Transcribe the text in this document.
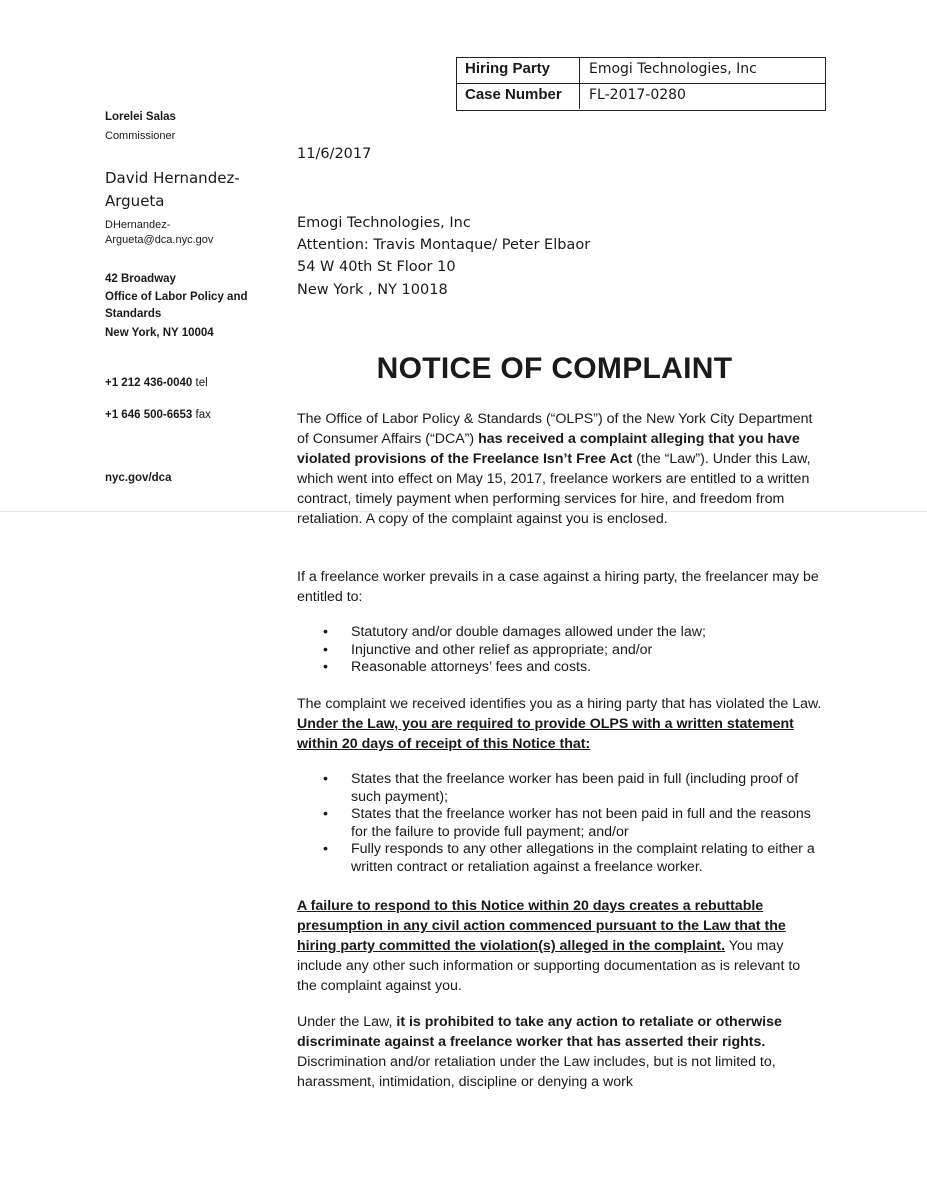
Hiring Party	Emogi Technologies, Inc
Case Number FL-2017-0280
Lorelei Salas
Commissioner
David Hernandez-
Argueta
DHernandez-
Argueta@dca.nyc.gov
42 Broadway
Office of Labor Policy and
Standards
New York, NY 10004
+1 212 436-0040 tel
+1 646 500-6653 fax
nyc.gov/dca
11/6/2017
Emogi Technologies, Inc
Attention: Travis Montaque/ Peter Elbaor
54 W 40th St Floor 10
New York , NY 10018
NOTICE OF COMPLAINT
The Office of Labor Policy & Standards (“OLPS”) of the New York City Department of Consumer Affairs (“DCA”) has received a complaint alleging that you have violated provisions of the Freelance Isn’t Free Act (the “Law”). Under this Law, which went into effect on May 15, 2017, freelance workers are entitled to a written contract, timely payment when performing services for hire, and freedom from retaliation. A copy of the complaint against you is enclosed.
If a freelance worker prevails in a case against a hiring party, the freelancer may be entitled to:
• Statutory and/or double damages allowed under the law;
• Injunctive and other relief as appropriate; and/or
• Reasonable attorneys’ fees and costs.
The complaint we received identifies you as a hiring party that has violated the Law. Under the Law, you are required to provide OLPS with a written statement within 20 days of receipt of this Notice that:
• States that the freelance worker has been paid in full (including proof of such payment);
• States that the freelance worker has not been paid in full and the reasons for the failure to provide full payment; and/or
• Fully responds to any other allegations in the complaint relating to either a written contract or retaliation against a freelance worker.
A failure to respond to this Notice within 20 days creates a rebuttable presumption in any civil action commenced pursuant to the Law that the hiring party committed the violation(s) alleged in the complaint. You may include any other such information or supporting documentation as is relevant to the complaint against you.
Under the Law, it is prohibited to take any action to retaliate or otherwise discriminate against a freelance worker that has asserted their rights. Discrimination and/or retaliation under the Law includes, but is not limited to, harassment, intimidation, discipline or denying a work
